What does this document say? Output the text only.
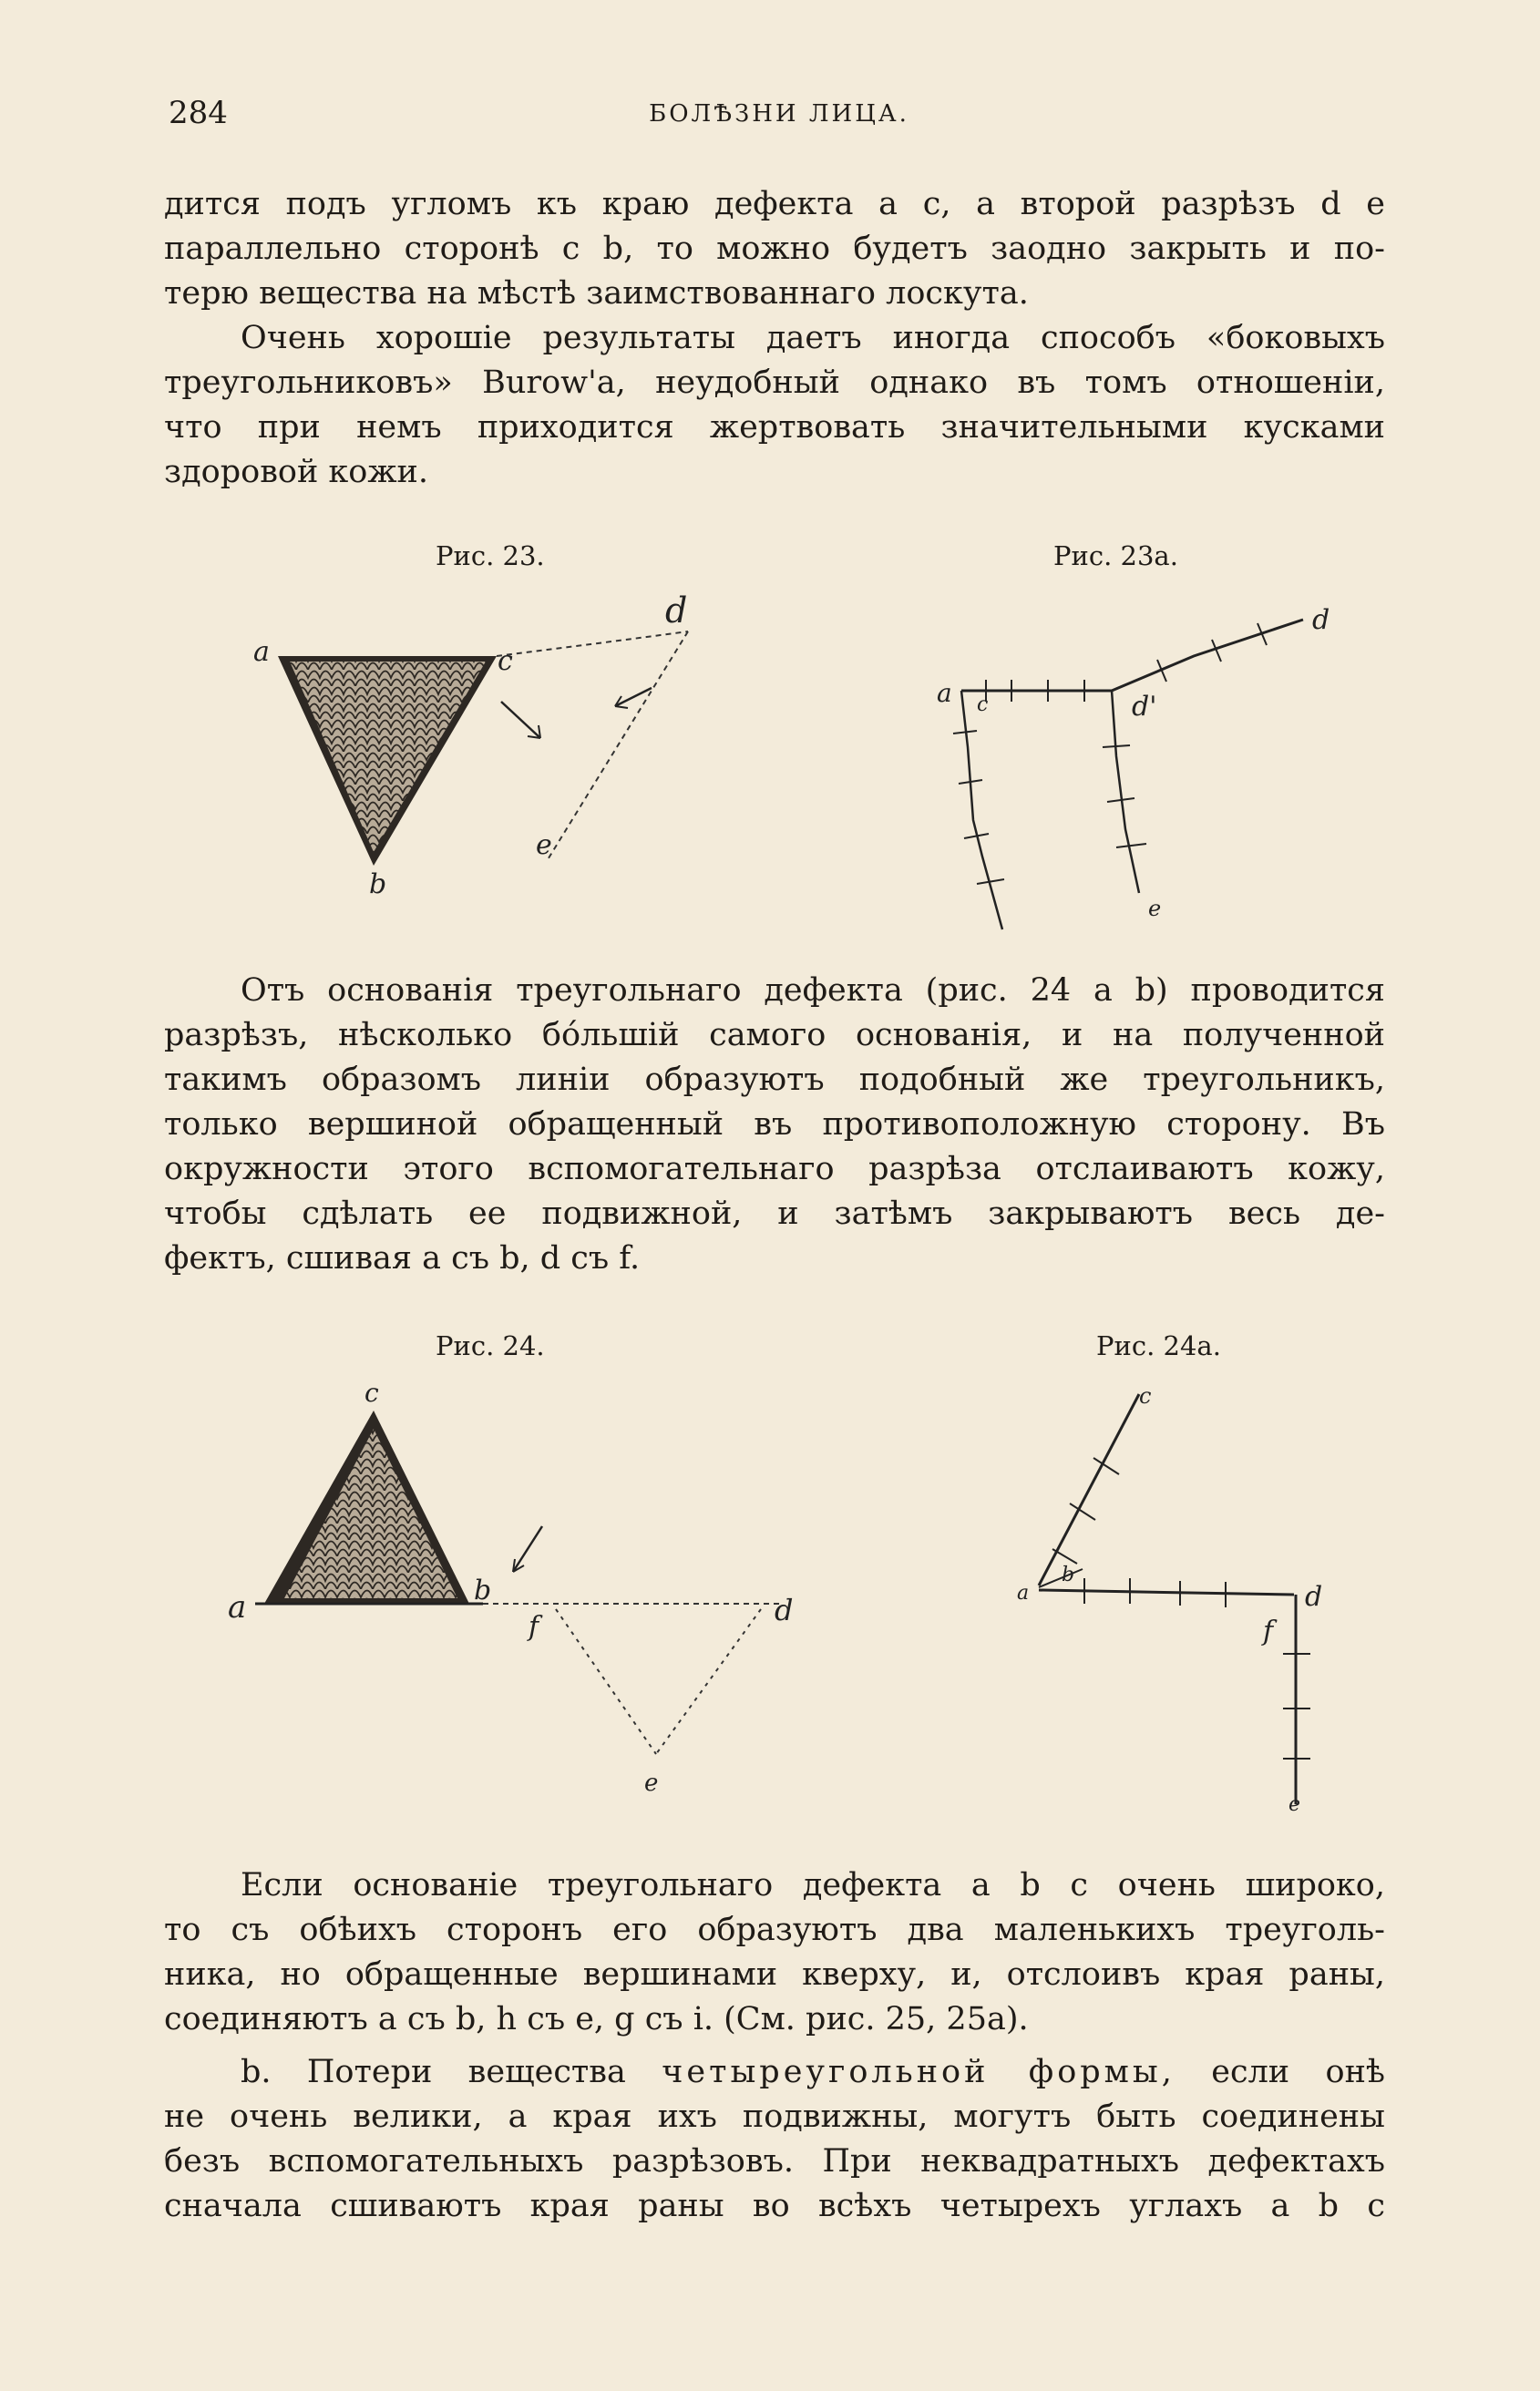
284	БОЛѢЗНИ ЛИЦА.
дится подъ угломъ къ краю дефекта a c, а второй разрѣзъ d e
параллельно сторонѣ c b, то можно будетъ заодно закрыть и по-
терю вещества на мѣстѣ заимствованнаго лоскута.
Очень хорошіе результаты даетъ иногда способъ «боковыхъ
треугольниковъ» Burow'а, неудобный однако въ томъ отношеніи,
что при немъ приходится жертвовать значительными кусками
здоровой кожи.
Рис. 23.	Рис. 23а.
a	c
d
e
b
a c	d'
d
e
Отъ основанія треугольнаго дефекта (рис. 24 a b) проводится
разрѣзъ, нѣсколько бóльшій самого основанія, и на полученной
такимъ образомъ линіи образуютъ подобный же треугольникъ,
только вершиной обращенный въ противоположную сторону. Въ
окружности этого вспомогательнаго разрѣза отслаиваютъ кожу,
чтобы сдѣлать ее подвижной, и затѣмъ закрываютъ весь де-
фектъ, сшивая a съ b, d съ f.
Рис. 24.	Рис. 24а.
c
a	b
f	d
e
c
a
b
f
d
e
Если основаніе треугольнаго дефекта a b c очень широко,
то съ обѣихъ сторонъ его образуютъ два маленькихъ треуголь-
ника, но обращенные вершинами кверху, и, отслоивъ края раны,
соединяютъ a съ b, h съ e, g съ i. (См. рис. 25, 25а).
b. Потери вещества четыреугольной формы, если онѣ
не очень велики, а края ихъ подвижны, могутъ быть соединены
безъ вспомогательныхъ разрѣзовъ. При неквадратныхъ дефектахъ
сначала сшиваютъ края раны во всѣхъ четырехъ углахъ a b c
